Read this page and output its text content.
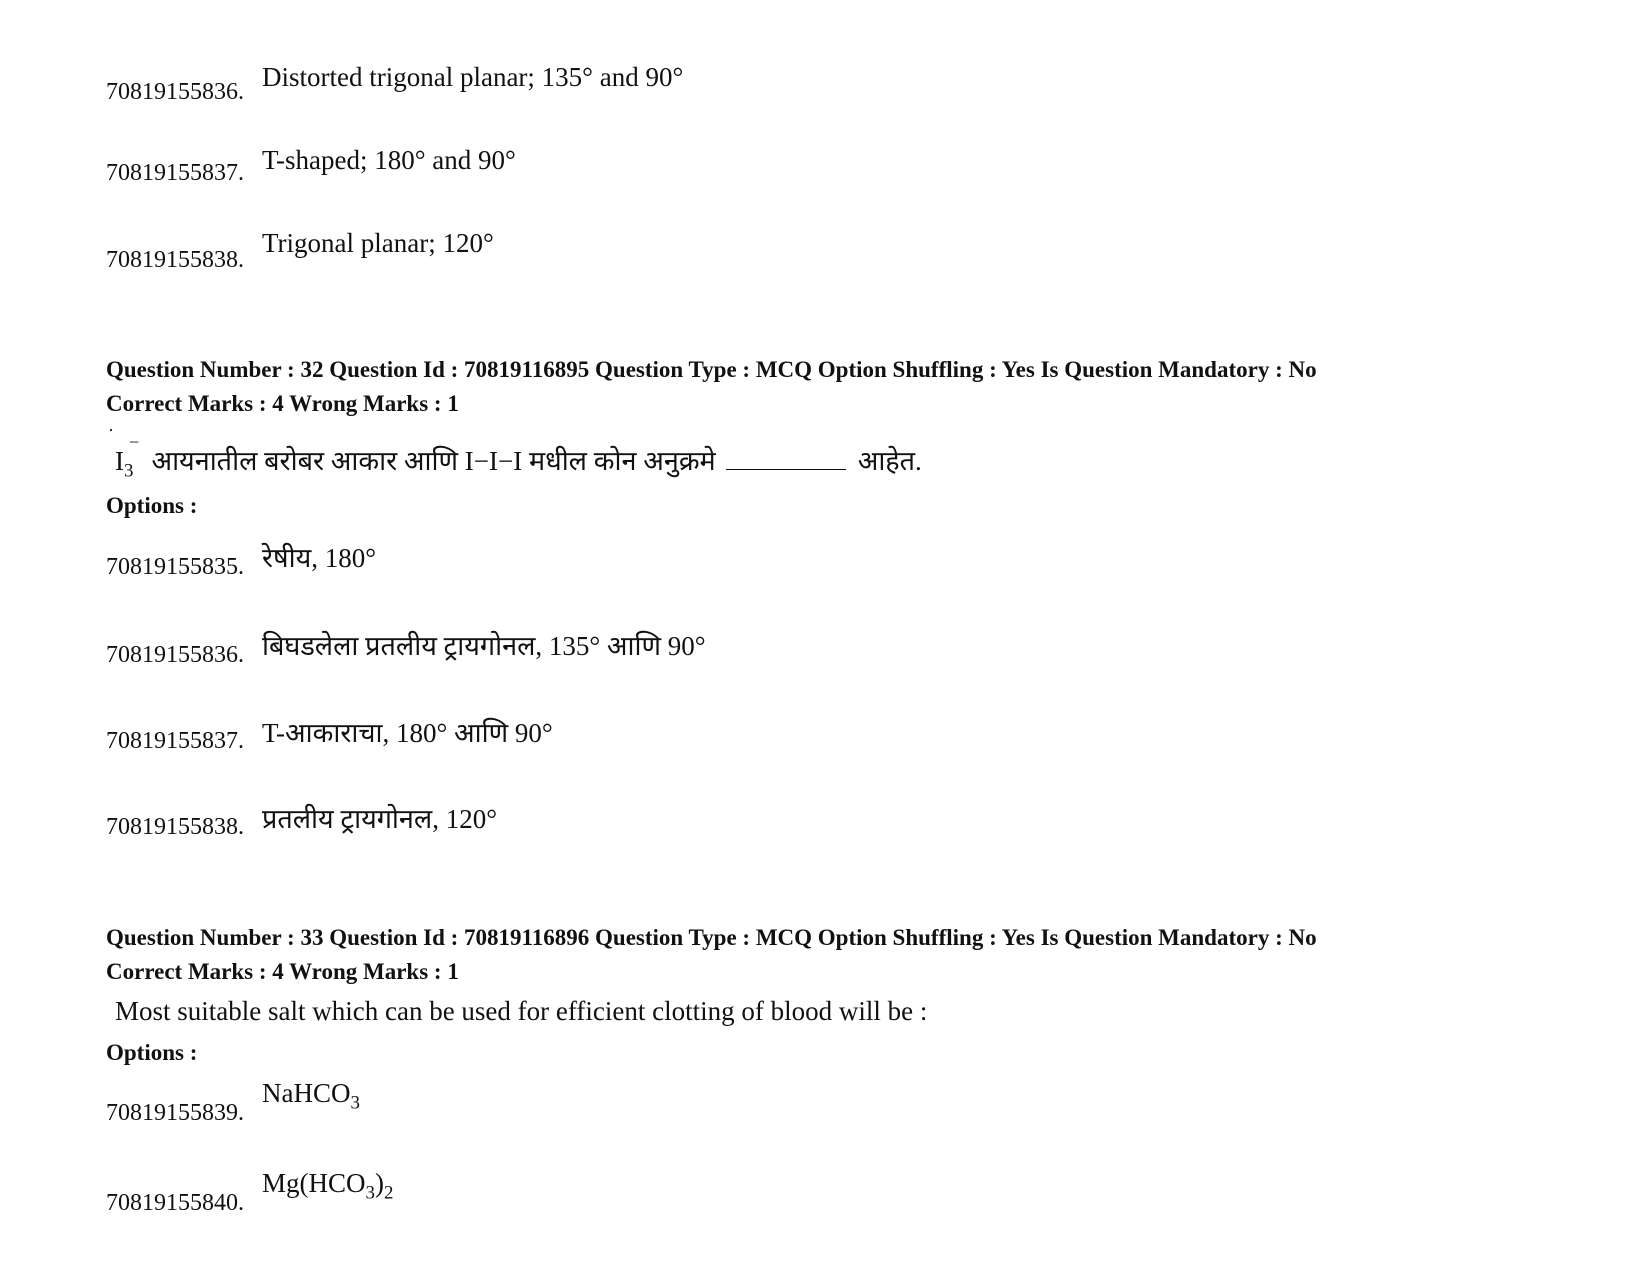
70819155836. Distorted trigonal planar; 135° and 90°
70819155837. T-shaped; 180° and 90°
70819155838.
Trigonal planar; 120°
Question Number : 32 Question Id : 70819116895 Question Type : MCQ Option Shuffling : Yes Is Question Mandatory : No
Correct Marks : 4 Wrong Marks : 1
$I_3$
−
आयनातील बरोबर आकार आणि I−I−I मधील कोन अनुक्रमे	आहेत.
Options :
70819155835. रेषीय, 180°
70819155836. बिघडलेला प्रतलीय ट्रायगोनल, 135° आणि 90°
70819155837. T-आकाराचा, 180° आणि 90°
70819155838. प्रतलीय ट्रायगोनल, 120°
Question Number : 33 Question Id : 70819116896 Question Type : MCQ Option Shuffling : Yes Is Question Mandatory : No
Correct Marks : 4 Wrong Marks : 1
Most suitable salt which can be used for efficient clotting of blood will be :
Options :
70819155839.
NaHCO$_3$
70819155840.
$Mg(HCO_3)_2$
